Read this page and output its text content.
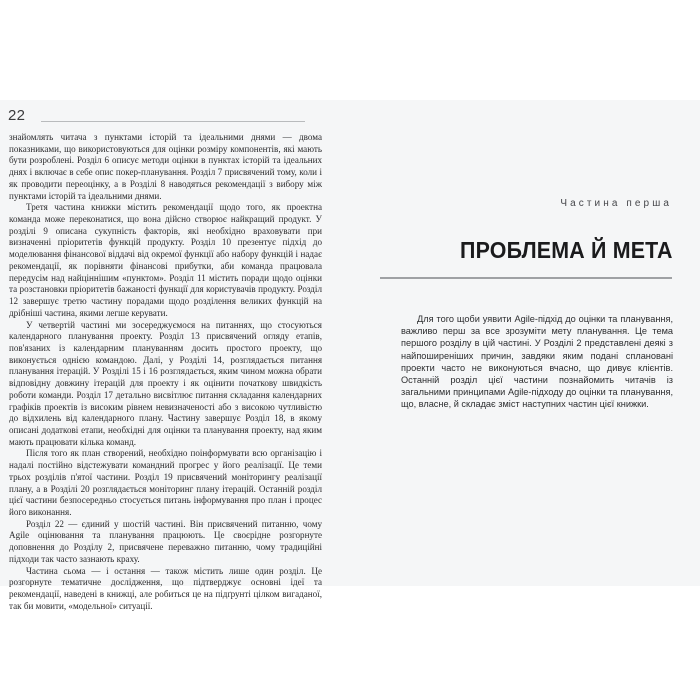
22

знайомлять читача з пунктами історій та ідеальними днями — двома показниками, що використовуються для оцінки розміру компонентів, які мають бути розроблені. Розділ 6 описує методи оцінки в пунктах історій та ідеальних днях і включає в себе опис покер-планування. Розділ 7 присвячений тому, коли і як проводити переоцінку, а в Розділі 8 наводяться рекомендації з вибору між пунктами історій та ідеальними днями.

Третя частина книжки містить рекомендації щодо того, як проектна команда може переконатися, що вона дійсно створює найкращий продукт. У розділі 9 описана сукупність факторів, які необхідно враховувати при визначенні пріоритетів функцій продукту. Розділ 10 презентує підхід до моделювання фінансової віддачі від окремої функції або набору функцій і надає рекомендації, як порівняти фінансові прибутки, аби команда працювала передусім над найціннішим «пунктом». Розділ 11 містить поради щодо оцінки та розстановки пріоритетів бажаності функції для користувачів продукту. Розділ 12 завершує третю частину порадами щодо розділення великих функцій на дрібніші частина, якими легше керувати.

У четвертій частині ми зосереджуємося на питаннях, що стосуються календарного планування проекту. Розділ 13 присвячений огляду етапів, пов'язаних із календарним плануванням досить простого проекту, що виконується однією командою. Далі, у Розділі 14, розглядається питання планування ітерацій. У Розділі 15 і 16 розглядається, яким чином можна обрати відповідну довжину ітерацій для проекту і як оцінити початкову швидкість роботи команди. Розділ 17 детально висвітлює питання складання календарних графіків проектів із високим рівнем невизначеності або з високою чутливістю до відхилень від календарного плану. Частину завершує Розділ 18, в якому описані додаткові етапи, необхідні для оцінки та планування проекту, над яким мають працювати кілька команд.

Після того як план створений, необхідно поінформувати всю організацію і надалі постійно відстежувати командний прогрес у його реалізації. Це теми трьох розділів п'ятої частини. Розділ 19 присвячений моніторингу реалізації плану, а в Розділі 20 розглядається моніторинг плану ітерацій. Останній розділ цієї частини безпосередньо стосується питань інформування про план і процес його виконання.

Розділ 22 — єдиний у шостій частині. Він присвячений питанню, чому Agile оцінювання та планування працюють. Це своєрідне розгорнуте доповнення до Розділу 2, присвячене переважно питанню, чому традиційні підходи так часто зазнають краху.

Частина сьома — і остання — також містить лише один розділ. Це розгорнуте тематичне дослідження, що підтверджує основні ідеї та рекомендації, наведені в книжці, але робиться це на підґрунті цілком вигаданої, так би мовити, «модельної» ситуації.

Частина перша
ПРОБЛЕМА Й МЕТА

Для того щоби уявити Agile-підхід до оцінки та планування, важливо перш за все зрозуміти мету планування. Це тема першого розділу в цій частині. У Розділі 2 представлені деякі з найпоширеніших причин, завдяки яким подані сплановані проекти часто не виконуються вчасно, що дивує клієнтів. Останній розділ цієї частини познайомить читачів із загальними принципами Agile-підходу до оцінки та планування, що, власне, й складає зміст наступних частин цієї книжки.
